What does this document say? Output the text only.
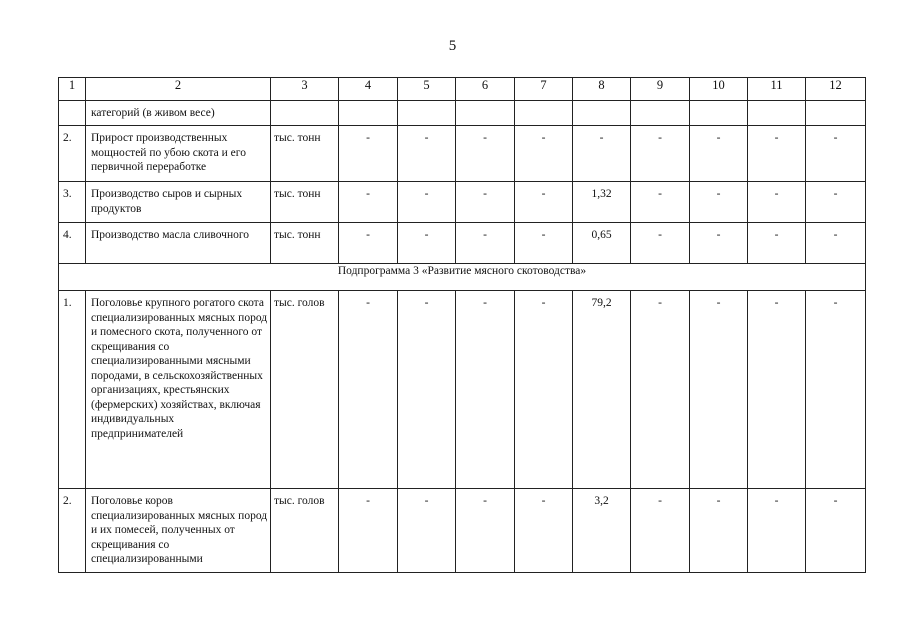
5
1	2	3	4	5	6	7	8	9	10	11	12
	категорий (в живом весе)										
2.	Прирост производственных мощностей по убою скота и его первичной переработке	тыс. тонн	-	-	-	-	-	-	-	-	-
3.	Производство сыров и сырных продуктов	тыс. тонн	-	-	-	-	1,32	-	-	-	-
4.	Производство масла сливочного	тыс. тонн	-	-	-	-	0,65	-	-	-	-
Подпрограмма 3 «Развитие мясного скотоводства»											
1.	Поголовье крупного рогатого скота специализированных мясных пород и помесного скота, полученного от скрещивания со специализированными мясными породами, в сельскохозяйственных организациях, крестьянских (фермерских) хозяйствах, включая индивидуальных предпринимателей	тыс. голов	-	-	-	-	79,2	-	-	-	-
2.	Поголовье коров специализированных мясных пород и их помесей, полученных от скрещивания со специализированными	тыс. голов	-	-	-	-	3,2	-	-	-	-
